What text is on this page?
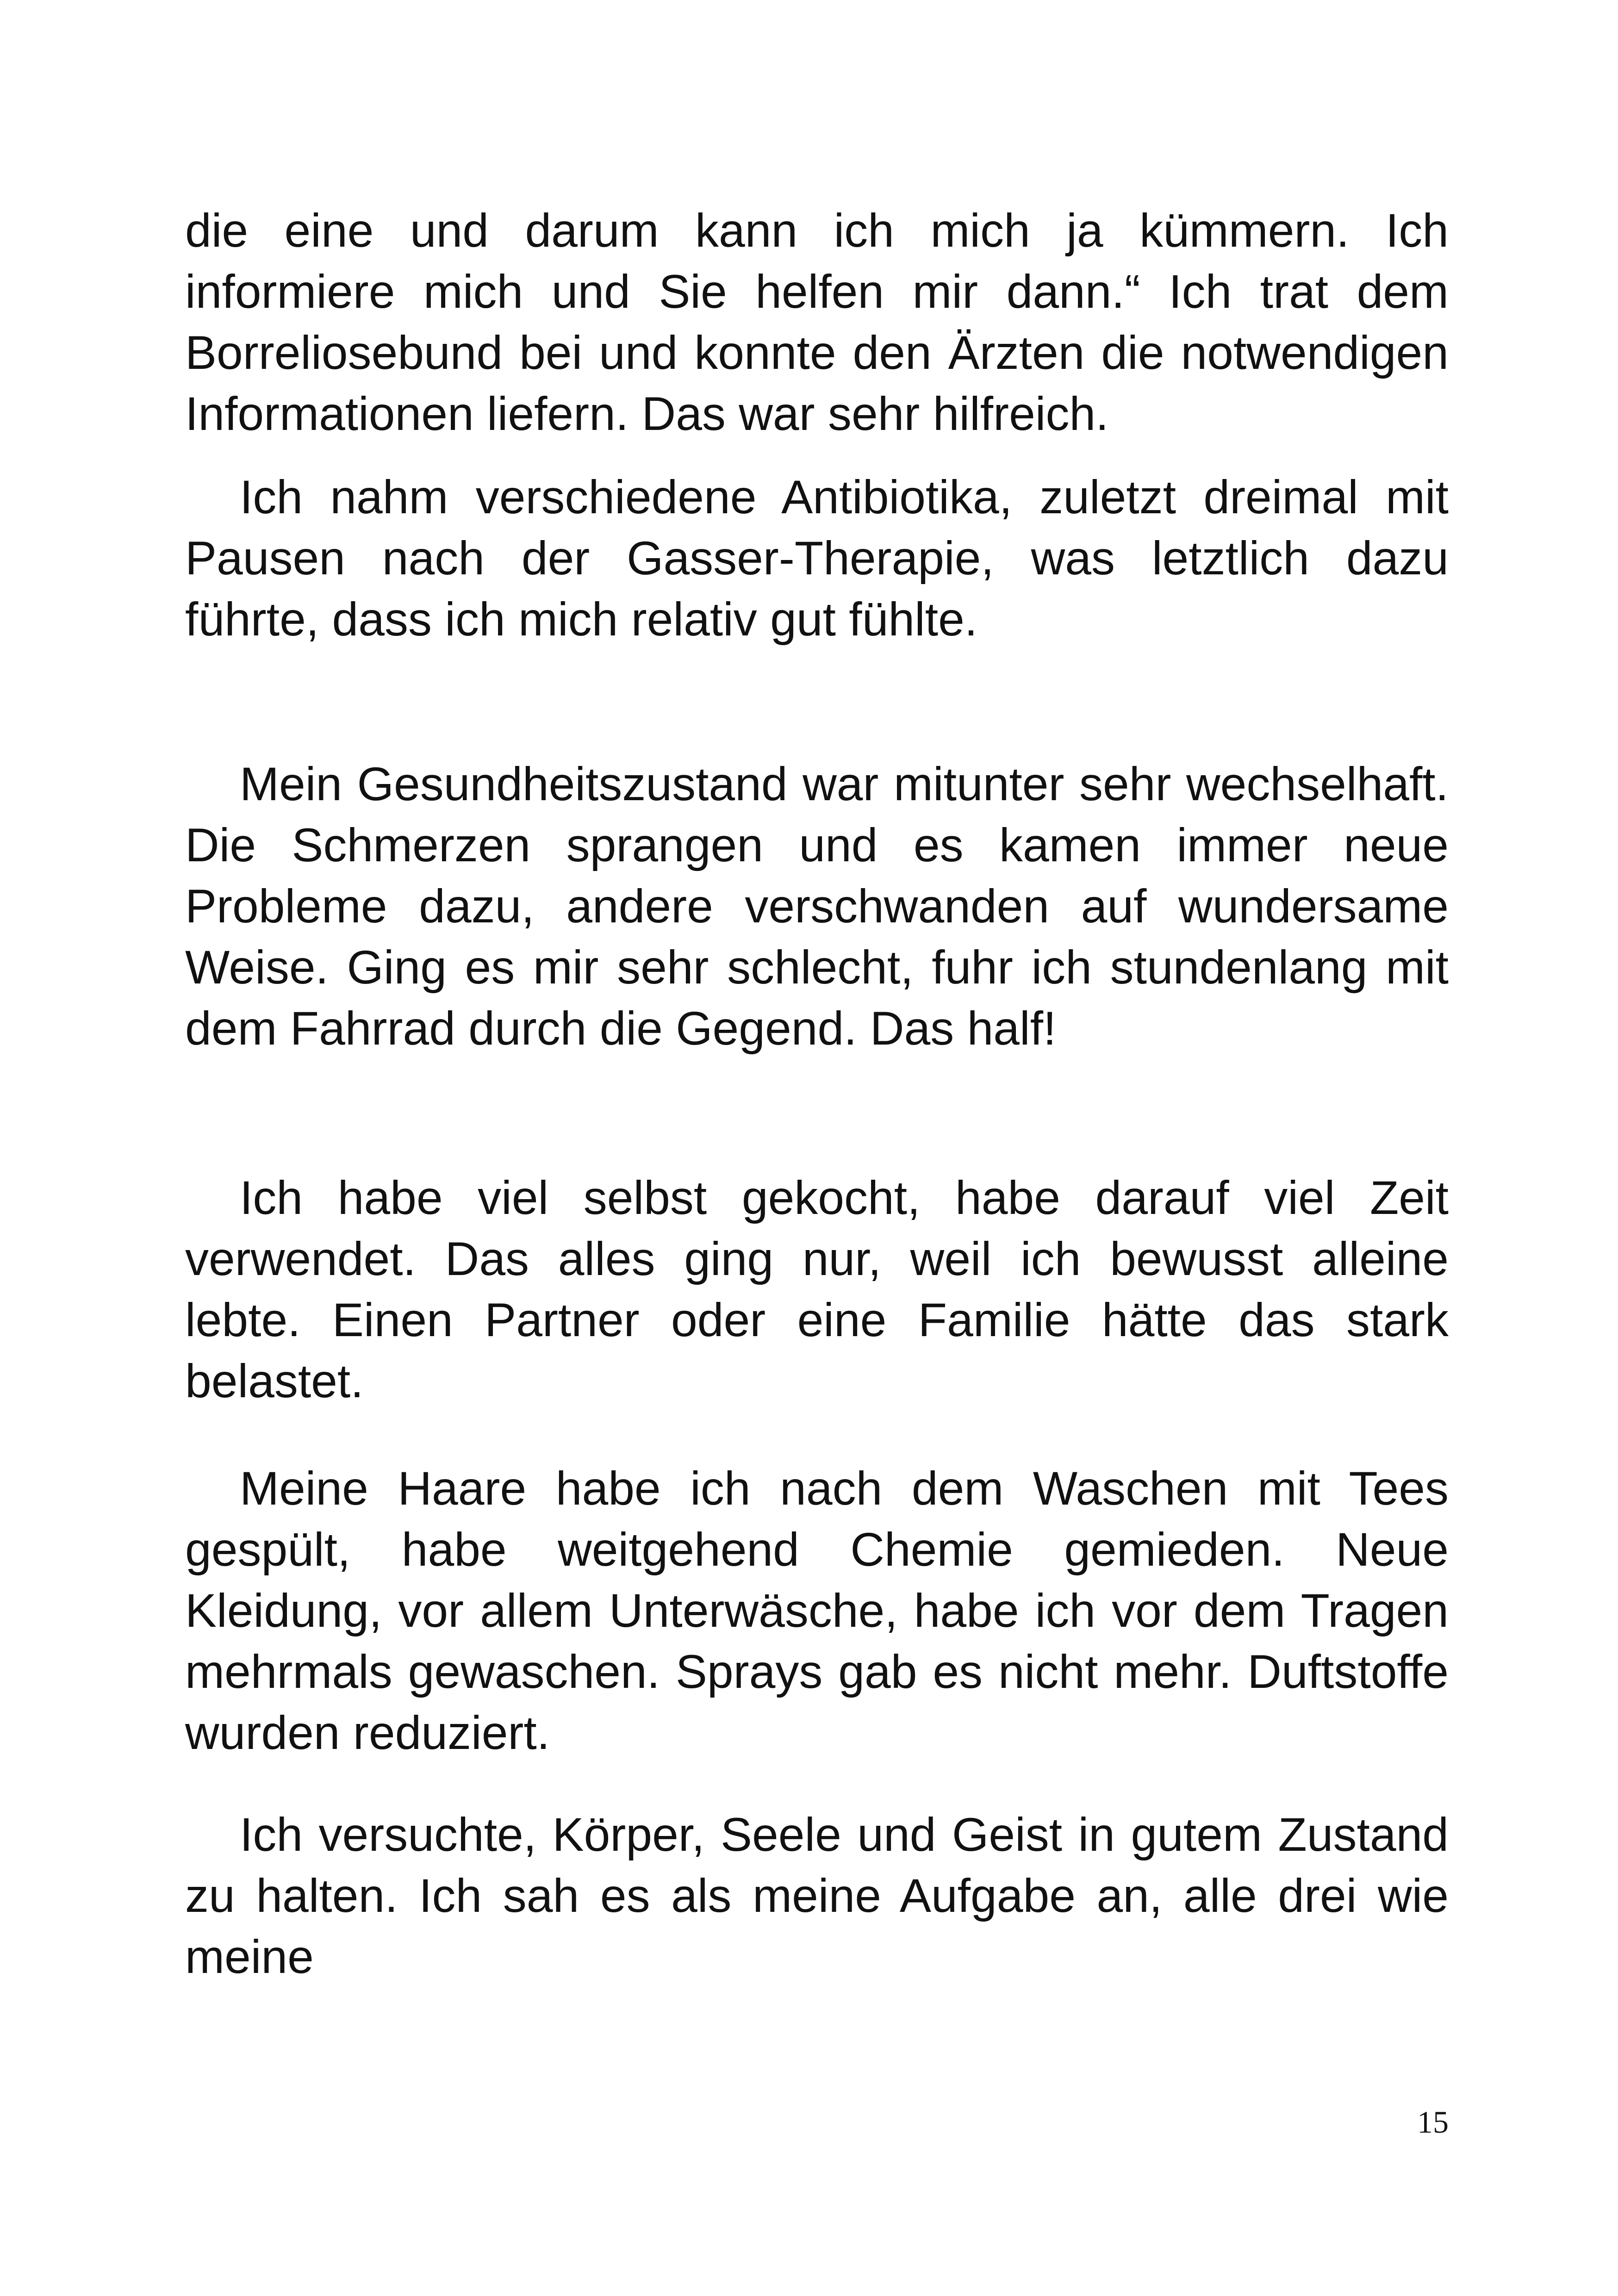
die eine und darum kann ich mich ja kümmern. Ich informiere mich und Sie helfen mir dann.“ Ich trat dem Borreliosebund bei und konnte den Ärzten die notwendigen Informationen liefern. Das war sehr hilfreich.

Ich nahm verschiedene Antibiotika, zuletzt dreimal mit Pausen nach der Gasser-Therapie, was letztlich dazu führte, dass ich mich relativ gut fühlte.

Mein Gesundheitszustand war mitunter sehr wechselhaft. Die Schmerzen sprangen und es kamen immer neue Probleme dazu, andere verschwanden auf wundersame Weise. Ging es mir sehr schlecht, fuhr ich stundenlang mit dem Fahrrad durch die Gegend. Das half!

Ich habe viel selbst gekocht, habe darauf viel Zeit verwendet. Das alles ging nur, weil ich bewusst alleine lebte. Einen Partner oder eine Familie hätte das stark belastet.

Meine Haare habe ich nach dem Waschen mit Tees gespült, habe weitgehend Chemie gemieden. Neue Kleidung, vor allem Unterwäsche, habe ich vor dem Tragen mehrmals gewaschen. Sprays gab es nicht mehr. Duftstoffe wurden reduziert.

Ich versuchte, Körper, Seele und Geist in gutem Zustand zu halten. Ich sah es als meine Aufgabe an, alle drei wie meine

15
